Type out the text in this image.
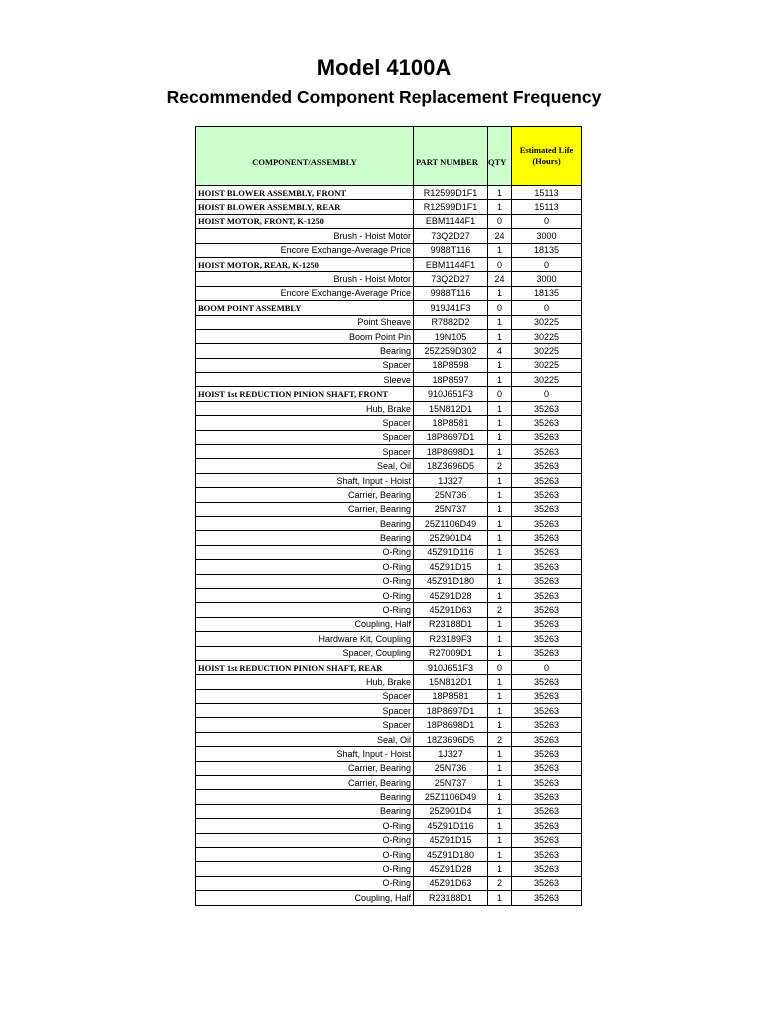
Model 4100A
Recommended Component Replacement Frequency
COMPONENT/ASSEMBLY	PART NUMBER	QTY	Estimated Life (Hours)
HOIST BLOWER ASSEMBLY, FRONT	R12599D1F1	1	15113
HOIST BLOWER ASSEMBLY, REAR	R12599D1F1	1	15113
HOIST MOTOR, FRONT, K-1250	EBM1144F1	0	0
Brush - Hoist Motor	73Q2D27	24	3000
Encore Exchange-Average Price	9988T116	1	18135
HOIST MOTOR, REAR, K-1250	EBM1144F1	0	0
Brush - Hoist Motor	73Q2D27	24	3000
Encore Exchange-Average Price	9988T116	1	18135
BOOM POINT ASSEMBLY	919J41F3	0	0
Point Sheave	R7882D2	1	30225
Boom Point Pin	19N105	1	30225
Bearing	25Z259D302	4	30225
Spacer	18P8598	1	30225
Sleeve	18P8597	1	30225
HOIST 1st REDUCTION PINION SHAFT, FRONT	910J651F3	0	0
Hub, Brake	15N812D1	1	35263
Spacer	18P8581	1	35263
Spacer	18P8697D1	1	35263
Spacer	18P8698D1	1	35263
Seal, Oil	18Z3696D5	2	35263
Shaft, Input - Hoist	1J327	1	35263
Carrier, Bearing	25N736	1	35263
Carrier, Bearing	25N737	1	35263
Bearing	25Z1106D49	1	35263
Bearing	25Z901D4	1	35263
O-Ring	45Z91D116	1	35263
O-Ring	45Z91D15	1	35263
O-Ring	45Z91D180	1	35263
O-Ring	45Z91D28	1	35263
O-Ring	45Z91D63	2	35263
Coupling, Half	R23188D1	1	35263
Hardware Kit, Coupling	R23189F3	1	35263
Spacer, Coupling	R27009D1	1	35263
HOIST 1st REDUCTION PINION SHAFT, REAR	910J651F3	0	0
Hub, Brake	15N812D1	1	35263
Spacer	18P8581	1	35263
Spacer	18P8697D1	1	35263
Spacer	18P8698D1	1	35263
Seal, Oil	18Z3696D5	2	35263
Shaft, Input - Hoist	1J327	1	35263
Carrier, Bearing	25N736	1	35263
Carrier, Bearing	25N737	1	35263
Bearing	25Z1106D49	1	35263
Bearing	25Z901D4	1	35263
O-Ring	45Z91D116	1	35263
O-Ring	45Z91D15	1	35263
O-Ring	45Z91D180	1	35263
O-Ring	45Z91D28	1	35263
O-Ring	45Z91D63	2	35263
Coupling, Half	R23188D1	1	35263
